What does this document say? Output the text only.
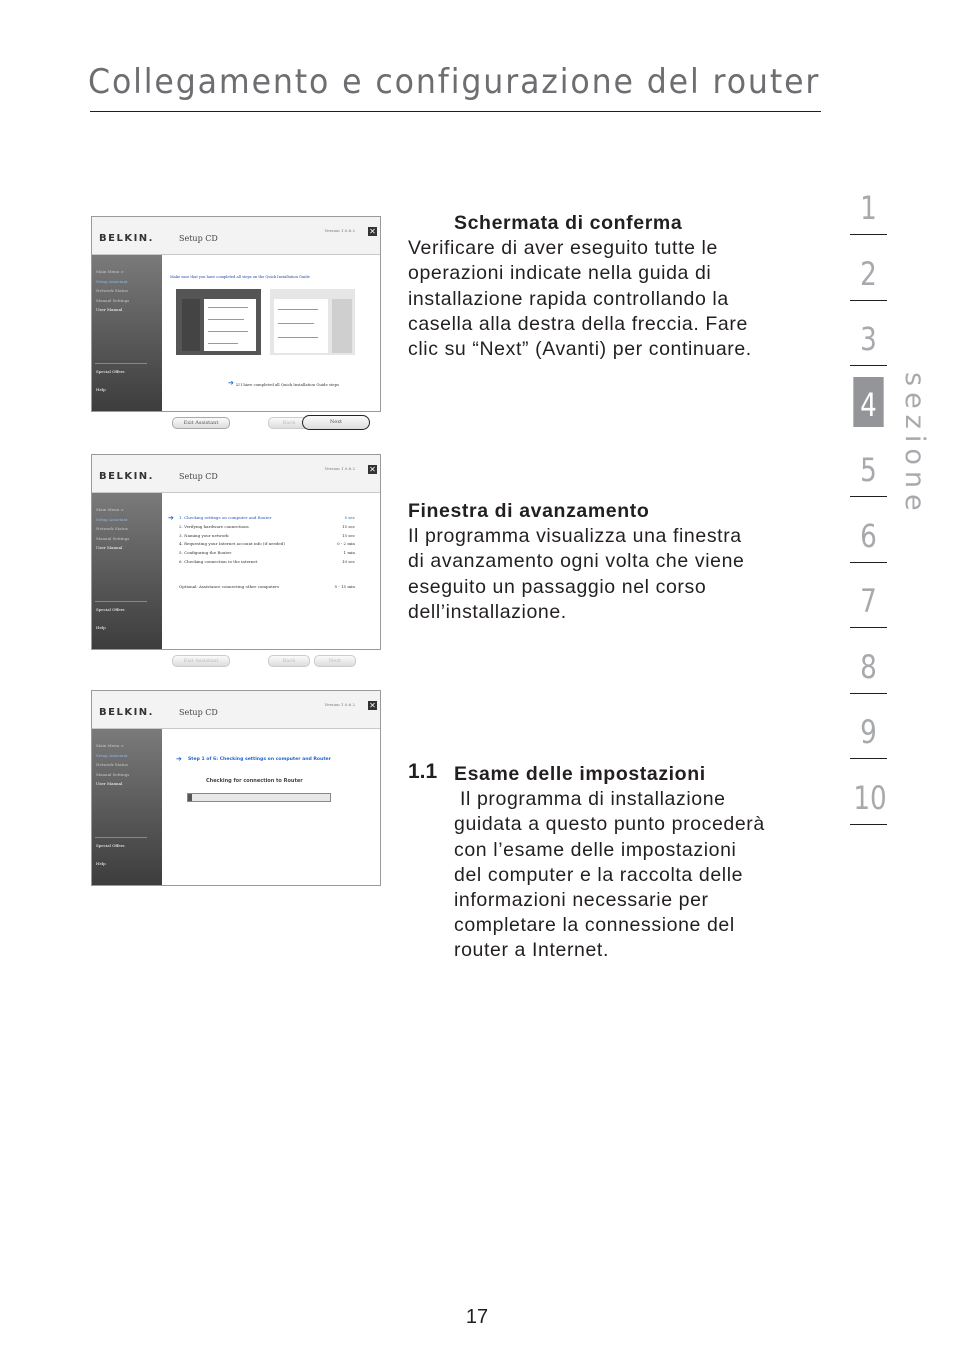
Collegamento e configurazione del router
1
2
3
4
5
6
7
8
9
10
sezione
BELKIN.	Setup CD
Version 1.0.6.2 ✕
Main Menu >
Setup Assistant
Network Status
Manual Settings
User Manual
Special Offers
Help
Make sure that you have completed all steps on the Quick Installation Guide
➔ ☑ I have completed all Quick Installation Guide steps
Exit Assistant	Back	Next
BELKIN.	Setup CD
Version 1.0.6.2 ✕
Main Menu >
Setup Assistant
Network Status
Manual Settings
User Manual
Special Offers
Help
➔ 1. Checking settings on computer and Router	5 sec
2. Verifying hardware connections	15 sec
3. Naming your network	15 sec
4. Requesting your Internet account info (if needed)	0 - 2 min
5. Configuring the Router	1 min
6. Checking connection to the internet	10 sec
Optional: Assistance connecting other computers	5 - 15 min
Exit Assistant	Back	Next
BELKIN.	Setup CD
Version 1.0.6.2 ✕
Main Menu >
Setup Assistant
Network Status
Manual Settings
User Manual
Special Offers
Help
➔ Step 1 of 6: Checking settings on computer and Router
Checking for connection to Router
Schermata di conferma
Verificare di aver eseguito tutte le
operazioni indicate nella guida di
installazione rapida controllando la
casella alla destra della freccia. Fare
clic su “Next” (Avanti) per continuare.
Finestra di avanzamento
Il programma visualizza una finestra
di avanzamento ogni volta che viene
eseguito un passaggio nel corso
dell’installazione.
1.1 Esame delle impostazioni
Il programma di installazione
guidata a questo punto procederà
con l’esame delle impostazioni
del computer e la raccolta delle
informazioni necessarie per
completare la connessione del
router a Internet.
17
